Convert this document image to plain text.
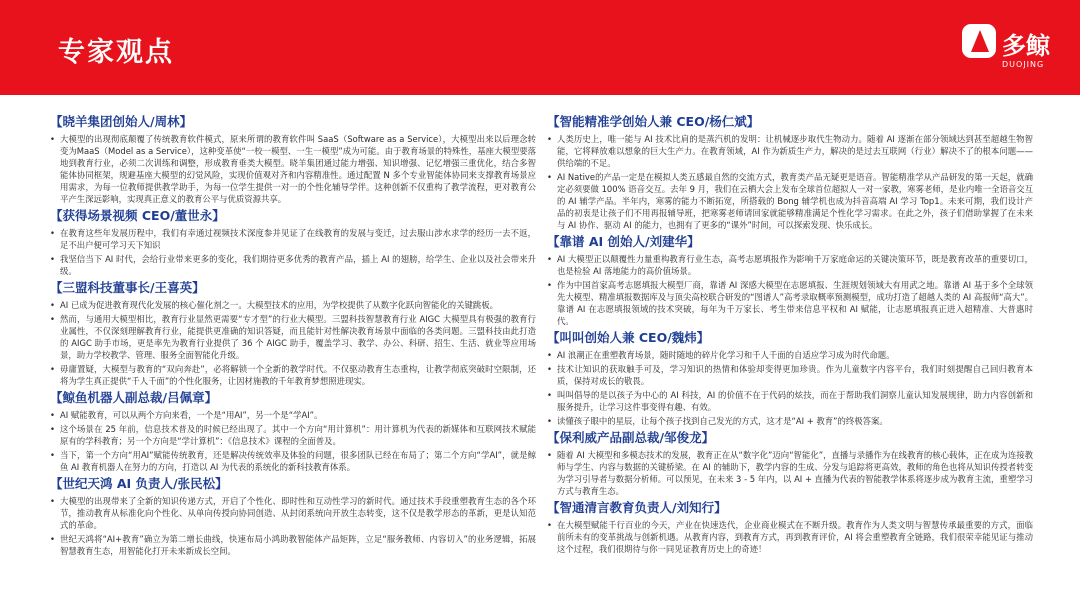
专家观点	多鲸
DUOJING
【晓羊集团创始人/周林】
• 大模型的出现彻底颠覆了传统教育软件模式，原来所谓的教育软件叫 SaaS（Software as a Service），大模型出来以后理念转变为MaaS（Model as a Service），这种变革使“一校一模型、一生一模型”成为可能。由于教育场景的特殊性，基座大模型要落地到教育行业，必须二次训练和调整，形成教育垂类大模型。晓羊集团通过能力增强、知识增强、记忆增强三重优化，结合多智能体协同框架，规避基座大模型的幻觉风险，实现价值观对齐和内容精准性。通过配置 N 多个专业智能体协同来支撑教育场景应用需求，为每一位教师提供教学助手，为每一位学生提供一对一的个性化辅导学伴。这种创新不仅重构了教学流程，更对教育公平产生深远影响，实现真正意义的教育公平与优质资源共享。
【获得场景视频 CEO/董世永】
• 在教育这些年发展历程中，我们有幸通过视频技术深度参并见证了在线教育的发展与变迁，过去服山涉水求学的经历一去不返，足不出户便可学习天下知识
• 我坚信当下 AI 时代，会给行业带来更多的变化，我们期待更多优秀的教育产品，插上 AI 的翅膀，给学生、企业以及社会带来升级。
【三盟科技董事长/王喜英】
• AI 已成为促进教育现代化发展的核心催化剂之一。大模型技术的应用，为学校提供了从数字化跃向智能化的关键跳板。
• 然而，与通用大模型相比，教育行业显然更需要“专才型”的行业大模型。三盟科技智慧教育行业 AIGC 大模型具有极强的教育行业属性，不仅深刻理解教育行业，能提供更准确的知识答疑，而且能针对性解决教育场景中面临的各类问题。三盟科技由此打造的 AIGC 助手市场，更是率先为教育行业提供了 36 个 AIGC 助手，覆盖学习、教学、办公、科研、招生、生活、就业等应用场景，助力学校教学、管理、服务全面智能化升级。
• 毋庸置疑，大模型与教育的“双向奔赴”，必将解锁一个全新的教学时代。不仅驱动教育生态重构，让教学彻底突破时空限制，还将为学生真正提供“千人千面”的个性化服务，让因材施教的千年教育梦想照进现实。
【鲸鱼机器人副总裁/吕佩章】
• AI 赋能教育，可以从两个方向来看，一个是“用AI”，另一个是“学AI”。
• 这个场景在 25 年前，信息技术普及的时候已经出现了。其中一个方向“用计算机”：用计算机为代表的新媒体和互联网技术赋能原有的学科教育；另一个方向是“学计算机”：《信息技术》课程的全面普及。
• 当下，第一个方向“用AI”赋能传统教育，还是解决传统效率及体验的问题，很多团队已经在布局了；第二个方向“学AI”，就是鲸鱼 AI 教育机器人在努力的方向，打造以 AI 为代表的系统化的新科技教育体系。
【世纪天鸿 AI 负责人/张民松】
• 大模型的出现带来了全新的知识传递方式，开启了个性化、即时性和互动性学习的新时代。通过技术手段重塑教育生态的各个环节，推动教育从标准化向个性化、从单向传授向协同创造、从封闭系统向开放生态转变，这不仅是教学形态的革新，更是认知范式的革命。
• 世纪天鸿将“AI+教育”确立为第二增长曲线，快速布局小鸿助教智能体产品矩阵，立足“服务教师、内容切入”的业务逻辑，拓展智慧教育生态，用智能化打开未来新成长空间。
【智能精准学创始人兼 CEO/杨仁斌】
• 人类历史上，唯一能与 AI 技术比肩的是蒸汽机的发明：让机械逐步取代生物动力。随着 AI 逐渐在部分领域达到甚至超越生物智能，它将释放难以想象的巨大生产力。在教育领域，AI 作为新质生产力，解决的是过去互联网（行业）解决不了的根本问题——供给端的不足。
• AI Native的产品一定是在模拟人类五感最自然的交流方式，教育类产品无疑更是语音。智能精准学从产品研发的第一天起，就确定必须要做 100% 语音交互。去年 9 月，我们在云栖大会上发布全球首位超拟人一对一家教，寒雾老师，是业内唯一全语音交互的 AI 辅学产品。半年内，寒雾的能力不断拓宽，所搭载的 Bong 辅学机也成为抖音高端 AI 学习 Top1。未来可期，我们设计产品的初衷是让孩子们不用再报辅导班，把寒雾老师请回家就能够精准满足个性化学习需求。在此之外，孩子们借助掌握了在未来与 AI 协作、驱动 AI 的能力，也拥有了更多的“课外”时间，可以探索发现、快乐成长。
【靠谱 AI 创始人/刘建华】
• AI 大模型正以颠覆性力量重构教育行业生态，高考志愿填报作为影响千万家庭命运的关键决策环节，既是教育改革的重要切口，也是检验 AI 落地能力的高价值场景。
• 作为中国首家高考志愿填报大模型厂商，靠谱 AI 深感大模型在志愿填报、生涯规划领域大有用武之地。靠谱 AI 基于多个全球领先大模型、精准填报数据库及与顶尖高校联合研发的“图谱人”高考录取概率预测模型，成功打造了超越人类的 AI 高报师“高大”。靠谱 AI 在志愿填报领域的技术突破，每年为千万家长、考生带来信息平权和 AI 赋能，让志愿填报真正进入超精准、大普惠时代。
【叫叫创始人兼 CEO/魏炜】
• AI 浪潮正在重塑教育场景，随时随地的碎片化学习和千人千面的自适应学习成为时代命题。
• 技术让知识的获取触手可及，学习知识的热情和体验却变得更加珍贵。作为儿童数字内容平台，我们时刻提醒自己回归教育本质，保持对成长的敬畏。
• 叫叫倡导的是以孩子为中心的 AI 科技，AI 的价值不在于代码的炫技，而在于帮助我们洞察儿童认知发展规律，助力内容创新和服务提升，让学习这件事变得有趣、有效。
• 读懂孩子眼中的星辰，让每个孩子找到自己发光的方式，这才是“AI + 教育”的终极答案。
【保利威产品副总裁/邹俊龙】
• 随着 AI 大模型和多模态技术的发展，教育正在从“数字化”迈向“智能化”，直播与录播作为在线教育的核心载体，正在成为连接教师与学生、内容与数据的关键桥梁。在 AI 的辅助下，教学内容的生成、分发与追踪将更高效，教师的角色也将从知识传授者转变为学习引导者与数据分析师。可以预见，在未来 3 - 5 年内，以 AI + 直播为代表的智能教学体系将逐步成为教育主流，重塑学习方式与教育生态。
【智通清言教育负责人/刘知行】
• 在大模型赋能千行百业的今天，产业在快速迭代，企业商业模式在不断升级。教育作为人类文明与智慧传承最重要的方式，面临前所未有的变革挑战与创新机遇。从教育内容，到教育方式，再到教育评价，AI 将会重塑教育全链路，我们很荣幸能见证与推动这个过程，我们很期待与你一同见证教育历史上的奇迹！
